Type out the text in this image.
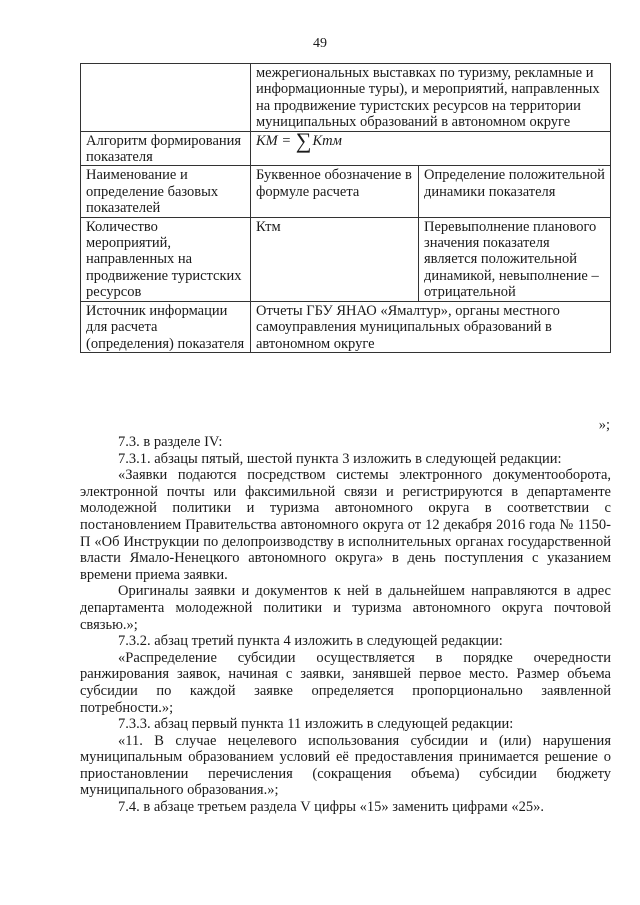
49
	межрегиональных выставках по туризму, рекламные и информационные туры), и мероприятий, направленных на продвижение туристских ресурсов на территории муниципальных образований в автономном округе	
Алгоритм формирования показателя	KM = ∑Kтм	
Наименование и определение базовых показателей	Буквенное обозначение в формуле расчета	Определение положительной динамики показателя
Количество мероприятий, направленных на продвижение туристских ресурсов	Ктм	Перевыполнение планового значения показателя является положительной динамикой, невыполнение – отрицательной
Источник информации для расчета (определения) показателя	Отчеты ГБУ ЯНАО «Ямалтур», органы местного самоуправления муниципальных образований в автономном округе	
»;

7.3. в разделе IV:

7.3.1. абзацы пятый, шестой пункта 3 изложить в следующей редакции:

«Заявки подаются посредством системы электронного документооборота, электронной почты или факсимильной связи и регистрируются в департаменте молодежной политики и туризма автономного округа в соответствии с постановлением Правительства автономного округа от 12 декабря 2016 года № 1150-П «Об Инструкции по делопроизводству в исполнительных органах государственной власти Ямало-Ненецкого автономного округа» в день поступления с указанием времени приема заявки.

Оригиналы заявки и документов к ней в дальнейшем направляются в адрес департамента молодежной политики и туризма автономного округа почтовой связью.»;

7.3.2. абзац третий пункта 4 изложить в следующей редакции:

«Распределение субсидии осуществляется в порядке очередности ранжирования заявок, начиная с заявки, занявшей первое место. Размер объема субсидии по каждой заявке определяется пропорционально заявленной потребности.»;

7.3.3. абзац первый пункта 11 изложить в следующей редакции:

«11. В случае нецелевого использования субсидии и (или) нарушения муниципальным образованием условий её предоставления принимается решение о приостановлении перечисления (сокращения объема) субсидии бюджету муниципального образования.»;

7.4. в абзаце третьем раздела V цифры «15» заменить цифрами «25».
